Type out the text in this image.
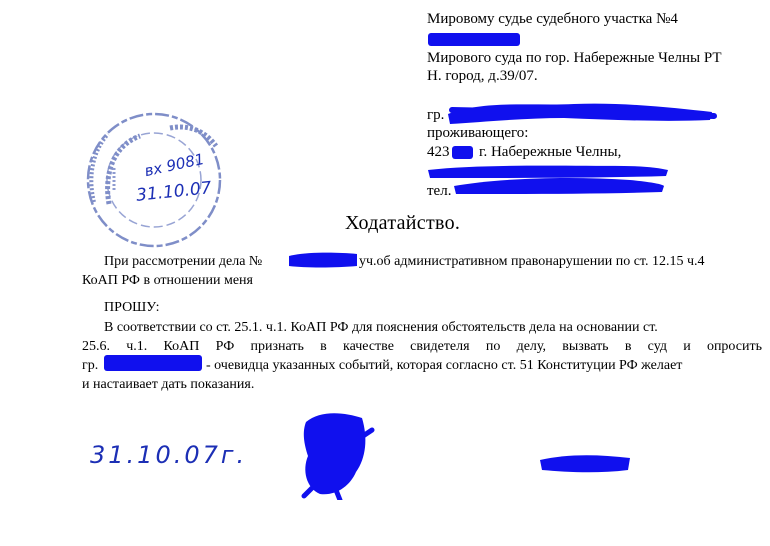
Мировому судье судебного участка №4
Мирового суда по гор. Набережные Челны РТ
Н. город, д.39/07.
гр.
проживающего:
423 г. Набережные Челны,
тел.
вх 9081
31.10.07
Ходатайство.
При рассмотрении дела №	уч.об административном правонарушении по ст. 12.15 ч.4
КоАП РФ в отношении меня
ПРОШУ:
В соответствии со ст. 25.1. ч.1. КоАП РФ для пояснения обстоятельств дела на основании ст.
25.6. ч.1. КоАП РФ признать в качестве свидетеля по делу, вызвать в суд и опросить
гр.	- очевидца указанных событий, которая согласно ст. 51 Конституции РФ желает
и настаивает дать показания.
31.10.07г.
